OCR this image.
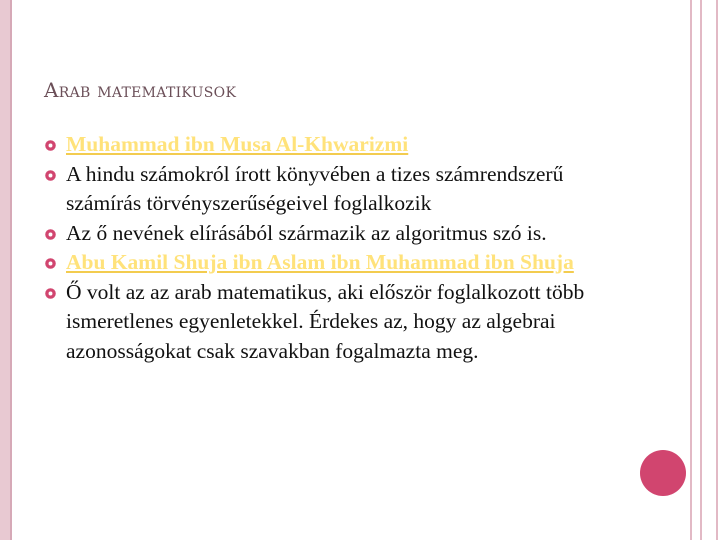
Arab matematikusok
Muhammad ibn Musa Al-Khwarizmi
A hindu számokról írott könyvében a tizes számrendszerű számírás törvényszerűségeivel foglalkozik
Az ő nevének elírásából származik az algoritmus szó is.
Abu Kamil Shuja ibn Aslam ibn Muhammad ibn Shuja
Ő volt az az arab matematikus, aki először foglalkozott több ismeretlenes egyenletekkel. Érdekes az, hogy az algebrai azonosságokat csak szavakban fogalmazta meg.
